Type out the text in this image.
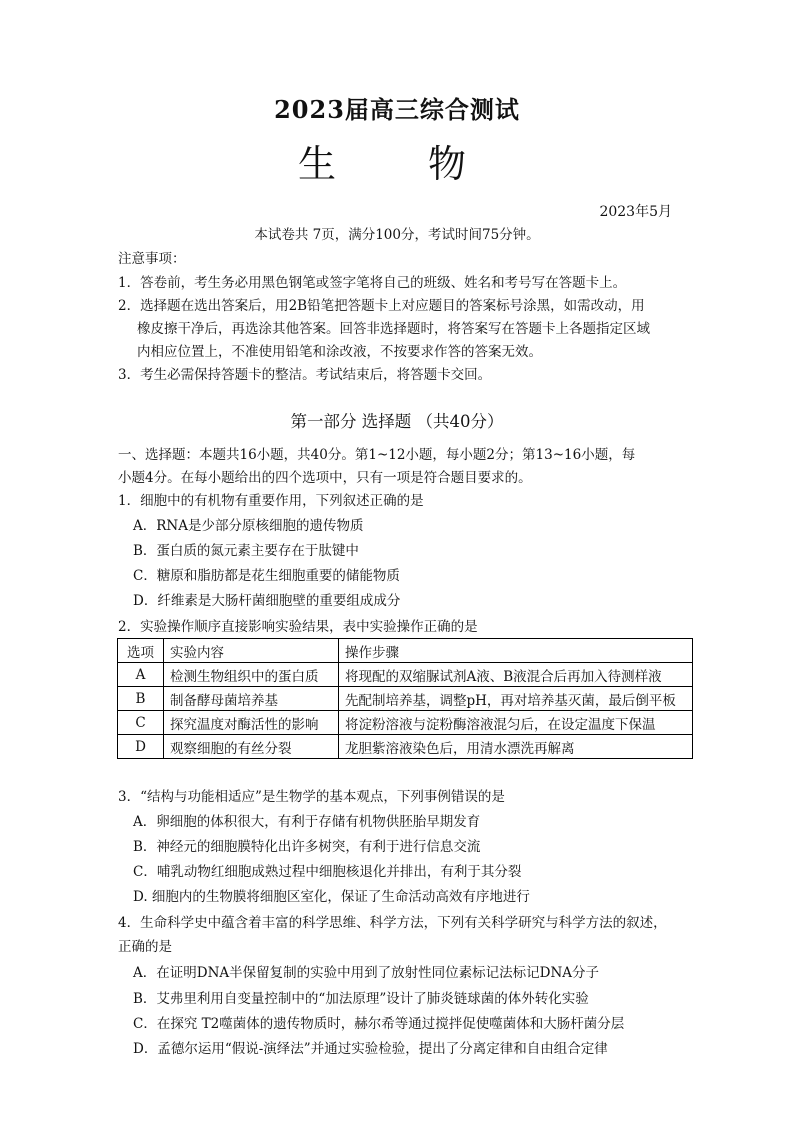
2023届高三综合测试
生 物
2023年5月
本试卷共 7页，满分100分，考试时间75分钟。
注意事项：
1．答卷前，考生务必用黑色钢笔或签字笔将自己的班级、姓名和考号写在答题卡上。
2．选择题在选出答案后，用2B铅笔把答题卡上对应题目的答案标号涂黑，如需改动，用
橡皮擦干净后，再选涂其他答案。回答非选择题时，将答案写在答题卡上各题指定区域
内相应位置上，不准使用铅笔和涂改液，不按要求作答的答案无效。
3．考生必需保持答题卡的整洁。考试结束后，将答题卡交回。
第一部分 选择题 （共40分）
一、选择题：本题共16小题，共40分。第1~12小题，每小题2分；第13~16小题，每
小题4分。在每小题给出的四个选项中，只有一项是符合题目要求的。
1．细胞中的有机物有重要作用，下列叙述正确的是
A．RNA是少部分原核细胞的遗传物质
B．蛋白质的氮元素主要存在于肽键中
C．糖原和脂肪都是花生细胞重要的储能物质
D．纤维素是大肠杆菌细胞壁的重要组成成分
2．实验操作顺序直接影响实验结果，表中实验操作正确的是
选项	实验内容	操作步骤
A	检测生物组织中的蛋白质	将现配的双缩脲试剂A液、B液混合后再加入待测样液
B	制备酵母菌培养基	先配制培养基，调整pH，再对培养基灭菌，最后倒平板
C	探究温度对酶活性的影响	将淀粉溶液与淀粉酶溶液混匀后，在设定温度下保温
D	观察细胞的有丝分裂	龙胆紫溶液染色后，用清水漂洗再解离
3．“结构与功能相适应”是生物学的基本观点，下列事例错误的是
A．卵细胞的体积很大，有利于存储有机物供胚胎早期发育
B．神经元的细胞膜特化出许多树突，有利于进行信息交流
C．哺乳动物红细胞成熟过程中细胞核退化并排出，有利于其分裂
D. 细胞内的生物膜将细胞区室化，保证了生命活动高效有序地进行
4．生命科学史中蕴含着丰富的科学思维、科学方法，下列有关科学研究与科学方法的叙述，
正确的是
A．在证明DNA半保留复制的实验中用到了放射性同位素标记法标记DNA分子
B．艾弗里利用自变量控制中的“加法原理”设计了肺炎链球菌的体外转化实验
C．在探究 T2噬菌体的遗传物质时，赫尔希等通过搅拌促使噬菌体和大肠杆菌分层
D．孟德尔运用“假说-演绎法”并通过实验检验，提出了分离定律和自由组合定律
